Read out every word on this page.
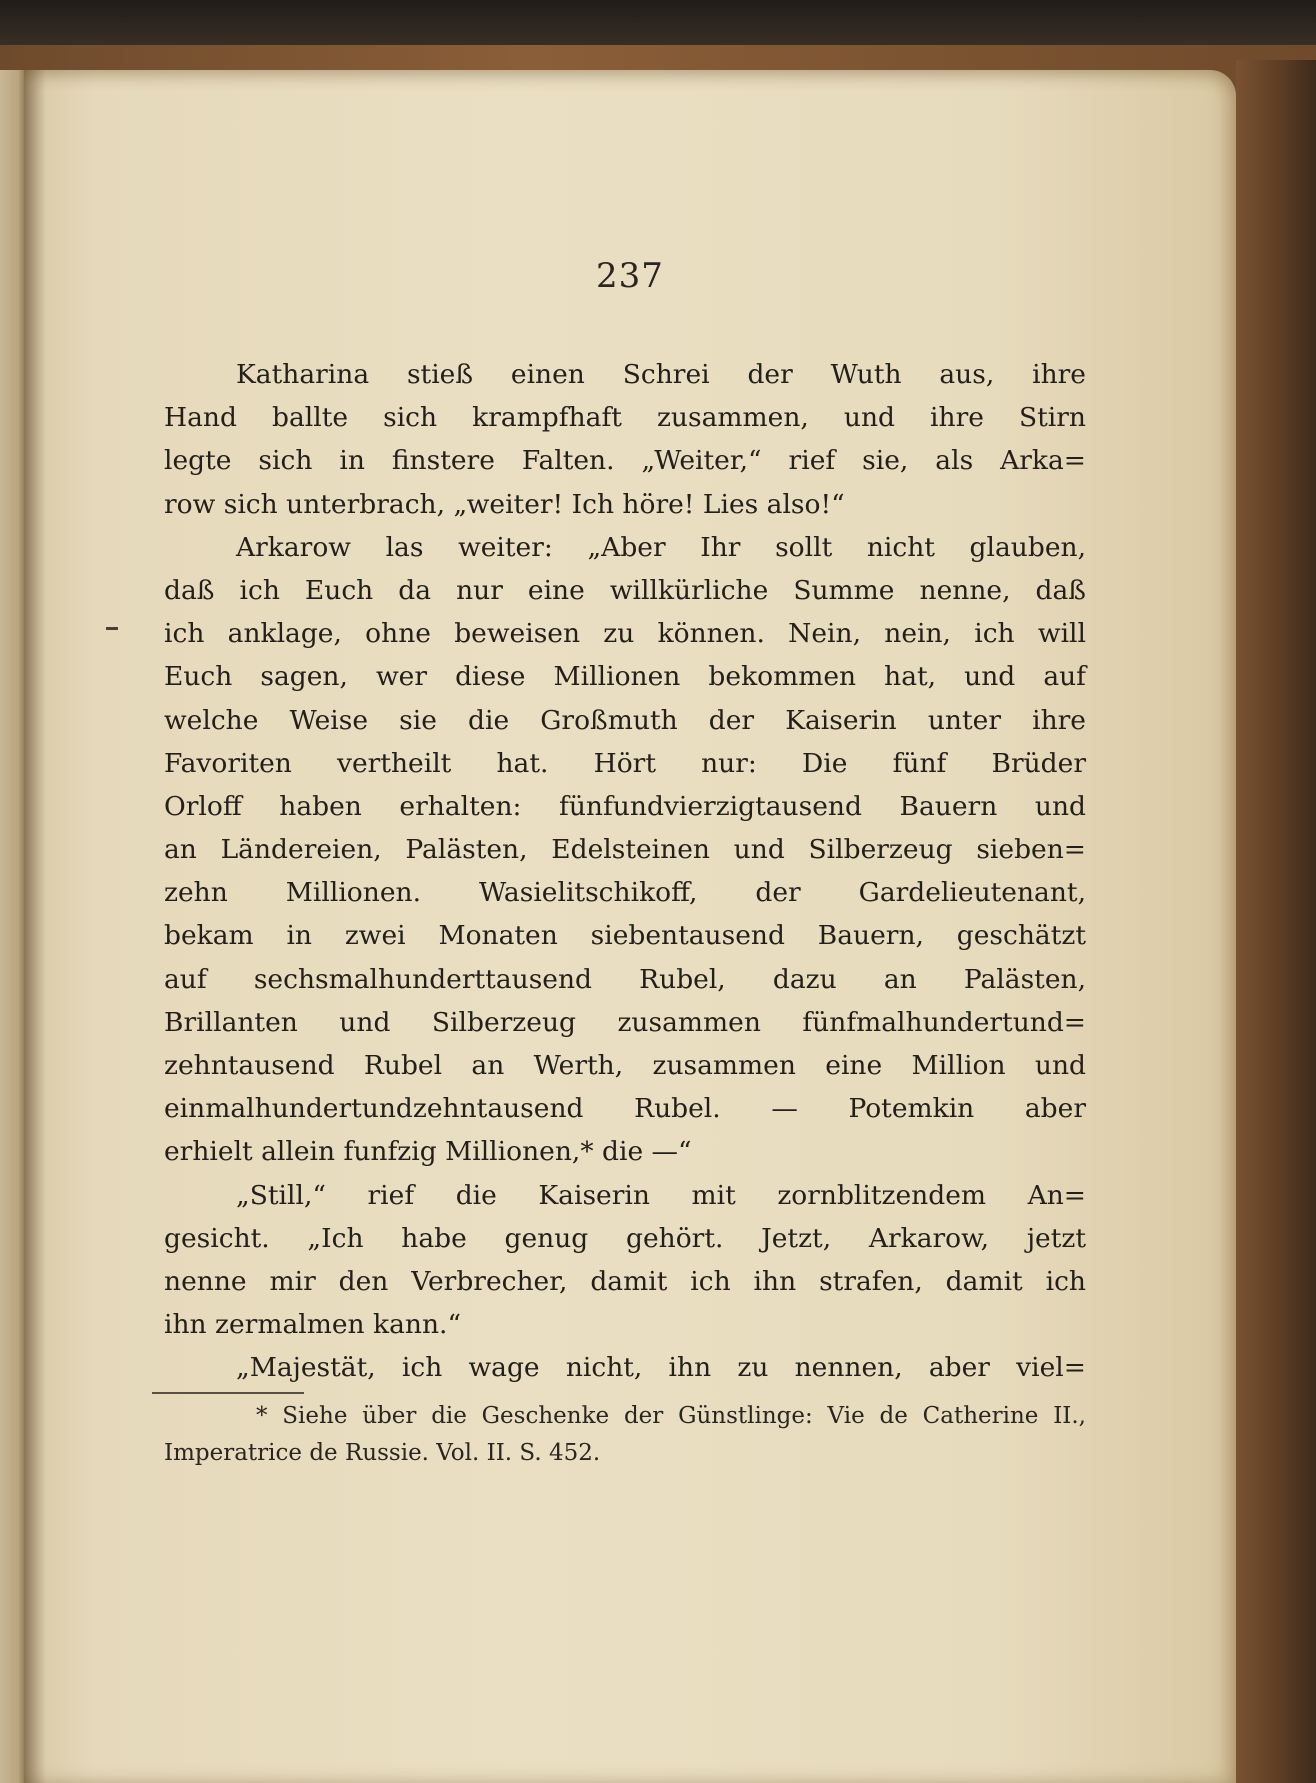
237
Katharina stieß einen Schrei der Wuth aus, ihre
Hand ballte sich krampfhaft zusammen, und ihre Stirn
legte sich in finstere Falten. „Weiter,“ rief sie, als Arka=
row sich unterbrach, „weiter! Ich höre! Lies also!“
Arkarow las weiter: „Aber Ihr sollt nicht glauben,
daß ich Euch da nur eine willkürliche Summe nenne, daß
ich anklage, ohne beweisen zu können. Nein, nein, ich will
Euch sagen, wer diese Millionen bekommen hat, und auf
welche Weise sie die Großmuth der Kaiserin unter ihre
Favoriten vertheilt hat. Hört nur: Die fünf Brüder
Orloff haben erhalten: fünfundvierzigtausend Bauern und
an Ländereien, Palästen, Edelsteinen und Silberzeug sieben=
zehn Millionen. Wasielitschikoff, der Gardelieutenant,
bekam in zwei Monaten siebentausend Bauern, geschätzt
auf sechsmalhunderttausend Rubel, dazu an Palästen,
Brillanten und Silberzeug zusammen fünfmalhundertund=
zehntausend Rubel an Werth, zusammen eine Million und
einmalhundertundzehntausend Rubel. — Potemkin aber
erhielt allein funfzig Millionen,* die —“
„Still,“ rief die Kaiserin mit zornblitzendem An=
gesicht. „Ich habe genug gehört. Jetzt, Arkarow, jetzt
nenne mir den Verbrecher, damit ich ihn strafen, damit ich
ihn zermalmen kann.“
„Majestät, ich wage nicht, ihn zu nennen, aber viel=
* Siehe über die Geschenke der Günstlinge: Vie de Catherine II.,
Imperatrice de Russie. Vol. II. S. 452.
